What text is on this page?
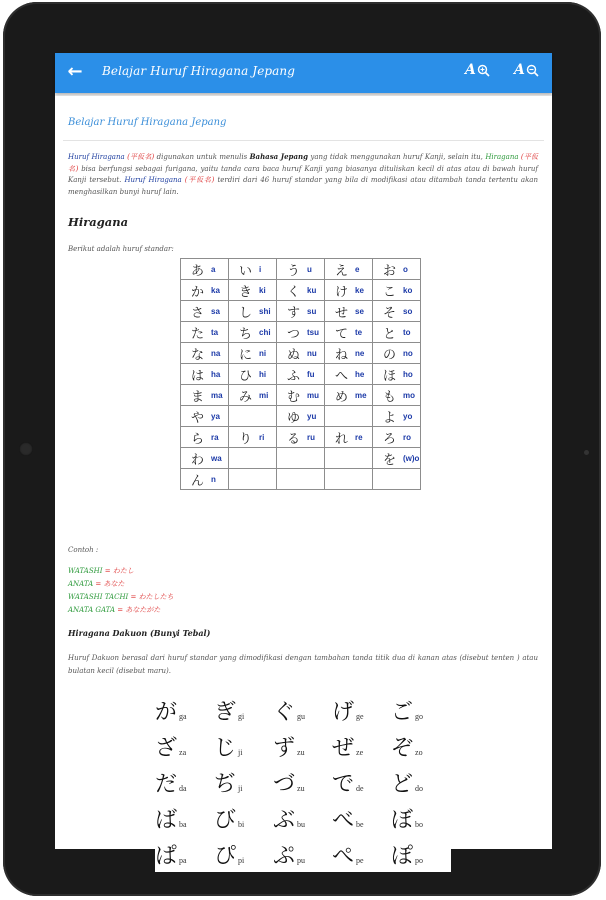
← Belajar Huruf Hiragana Jepang	A	A
Belajar Huruf Hiragana Jepang
Huruf Hiragana (平仮名) digunakan untuk menulis Bahasa Jepang yang tidak menggunakan huruf Kanji, selain itu, Hiragana (平仮名) bisa berfungsi sebagai furigana, yaitu tanda cara baca huruf Kanji yang biasanya dituliskan kecil di atas atau di bawah huruf Kanji tersebut. Huruf Hiragana (平仮名) terdiri dari 46 huruf standar yang bila di modifikasi atau ditambah tanda tertentu akan menghasilkan bunyi huruf lain.
Hiragana
Berikut adalah huruf standar:
あ a	い i	う u	え e	お o

か ka	き ki	く ku	け ke	こ ko

さ sa	し shi	す su	せ se	そ so

た ta	ち chi	つ tsu	て te	と to

な na	に ni	ぬ nu	ね ne	の no

は ha	ひ hi	ふ fu	へ he	ほ ho

ま ma	み mi	む mu	め me	も mo

や ya		ゆ yu		よ yo

ら ra	り ri	る ru	れ re	ろ ro

わ wa				を (w)o

ん n				

Contoh :
WATASHI = わたし
ANATA = あなた
WATASHI TACHI = わたしたち
ANATA GATA = あなたがた
Hiragana Dakuon (Bunyi Tebal)
Huruf Dakuon berasal dari huruf standar yang dimodifikasi dengan tambahan tanda titik dua di kanan atas (disebut tenten ) atau bulatan kecil (disebut maru).
が ga ぎ gi ぐ gu げ ge ご go
ざ za じ ji ず zu ぜ ze ぞ zo
だ da ぢ ji づ zu で de ど do
ば ba び bi ぶ bu べ be ぼ bo
ぱ pa ぴ pi ぷ pu ぺ pe ぽ po
